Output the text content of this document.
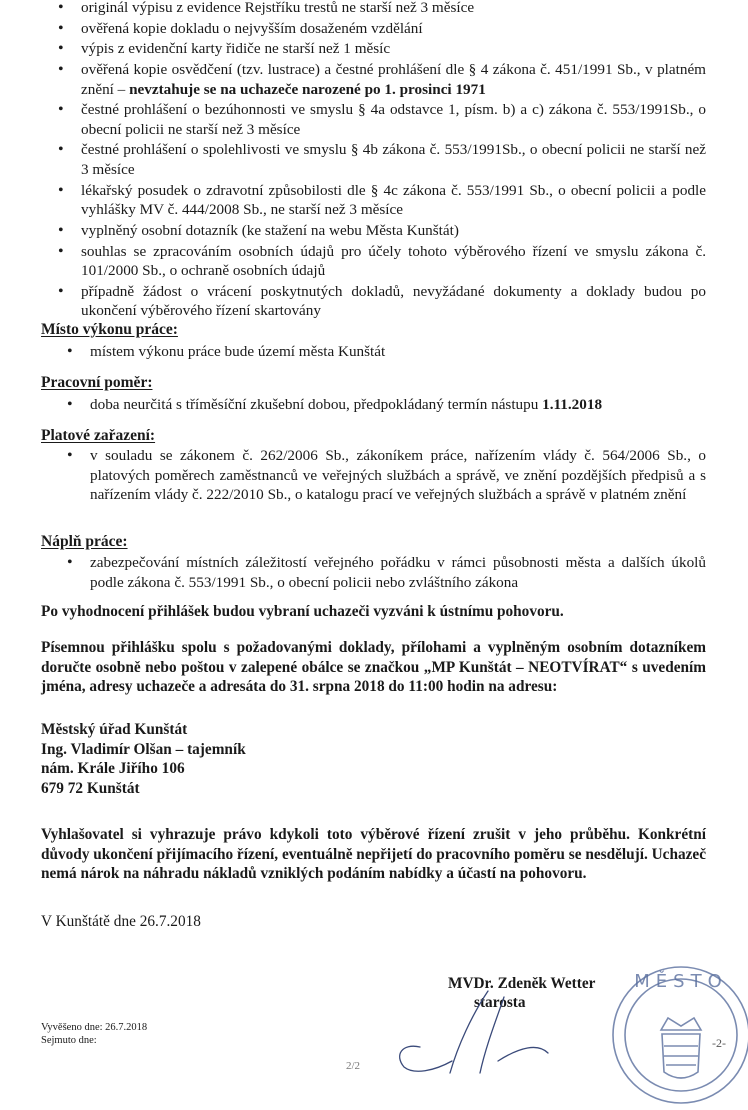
• originál výpisu z evidence Rejstříku trestů ne starší než 3 měsíce
• ověřená kopie dokladu o nejvyšším dosaženém vzdělání
• výpis z evidenční karty řidiče ne starší než 1 měsíc
• ověřená kopie osvědčení (tzv. lustrace) a čestné prohlášení dle § 4 zákona č. 451/1991 Sb., v platném znění – nevztahuje se na uchazeče narozené po 1. prosinci 1971
• čestné prohlášení o bezúhonnosti ve smyslu § 4a odstavce 1, písm. b) a c) zákona č. 553/1991Sb., o obecní policii ne starší než 3 měsíce
• čestné prohlášení o spolehlivosti ve smyslu § 4b zákona č. 553/1991Sb., o obecní policii ne starší než 3 měsíce
• lékařský posudek o zdravotní způsobilosti dle § 4c zákona č. 553/1991 Sb., o obecní policii a podle vyhlášky MV č. 444/2008 Sb., ne starší než 3 měsíce
• vyplněný osobní dotazník (ke stažení na webu Města Kunštát)
• souhlas se zpracováním osobních údajů pro účely tohoto výběrového řízení ve smyslu zákona č. 101/2000 Sb., o ochraně osobních údajů
• případně žádost o vrácení poskytnutých dokladů, nevyžádané dokumenty a doklady budou po ukončení výběrového řízení skartovány
Místo výkonu práce:
• místem výkonu práce bude území města Kunštát
Pracovní poměr:
• doba neurčitá s tříměsíční zkušební dobou, předpokládaný termín nástupu 1.11.2018
Platové zařazení:
• v souladu se zákonem č. 262/2006 Sb., zákoníkem práce, nařízením vlády č. 564/2006 Sb., o platových poměrech zaměstnanců ve veřejných službách a správě, ve znění pozdějších předpisů a s nařízením vlády č. 222/2010 Sb., o katalogu prací ve veřejných službách a správě v platném znění
Náplň práce:
• zabezpečování místních záležitostí veřejného pořádku v rámci působnosti města a dalších úkolů podle zákona č. 553/1991 Sb., o obecní policii nebo zvláštního zákona
Po vyhodnocení přihlášek budou vybraní uchazeči vyzváni k ústnímu pohovoru.
Písemnou přihlášku spolu s požadovanými doklady, přílohami a vyplněným osobním dotazníkem doručte osobně nebo poštou v zalepené obálce se značkou „MP Kunštát – NEOTVÍRAT“ s uvedením jména, adresy uchazeče a adresáta do 31. srpna 2018 do 11:00 hodin na adresu:
Městský úřad Kunštát
Ing. Vladimír Olšan – tajemník
nám. Krále Jiřího 106
679 72 Kunštát
Vyhlašovatel si vyhrazuje právo kdykoli toto výběrové řízení zrušit v jeho průběhu. Konkrétní důvody ukončení přijímacího řízení, eventuálně nepřijetí do pracovního poměru se nesdělují. Uchazeč nemá nárok na náhradu nákladů vzniklých podáním nabídky a účastí na pohovoru.
V Kunštátě dne 26.7.2018
MĚSTO
MVDr. Zdeněk Wetter
starosta
Vyvěšeno dne: 26.7.2018
Sejmuto dne:
2/2
-2-
